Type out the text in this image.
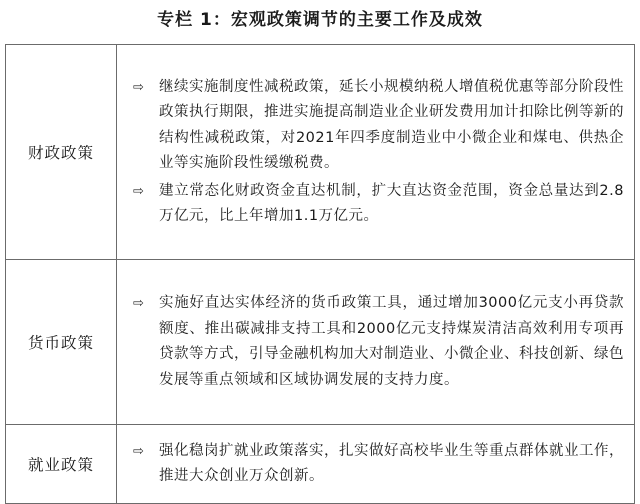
专栏 1：宏观政策调节的主要工作及成效
财政政策	⇨ 继续实施制度性减税政策，延长小规模纳税人增值税优惠等部分阶段性政策执行期限，推进实施提高制造业企业研发费用加计扣除比例等新的结构性减税政策，对2021年四季度制造业中小微企业和煤电、供热企业等实施阶段性缓缴税费。
⇨ 建立常态化财政资金直达机制，扩大直达资金范围，资金总量达到2.8万亿元，比上年增加1.1万亿元。

货币政策	⇨ 实施好直达实体经济的货币政策工具，通过增加3000亿元支小再贷款额度、推出碳减排支持工具和2000亿元支持煤炭清洁高效利用专项再贷款等方式，引导金融机构加大对制造业、小微企业、科技创新、绿色发展等重点领域和区域协调发展的支持力度。

就业政策	⇨ 强化稳岗扩就业政策落实，扎实做好高校毕业生等重点群体就业工作，推进大众创业万众创新。
